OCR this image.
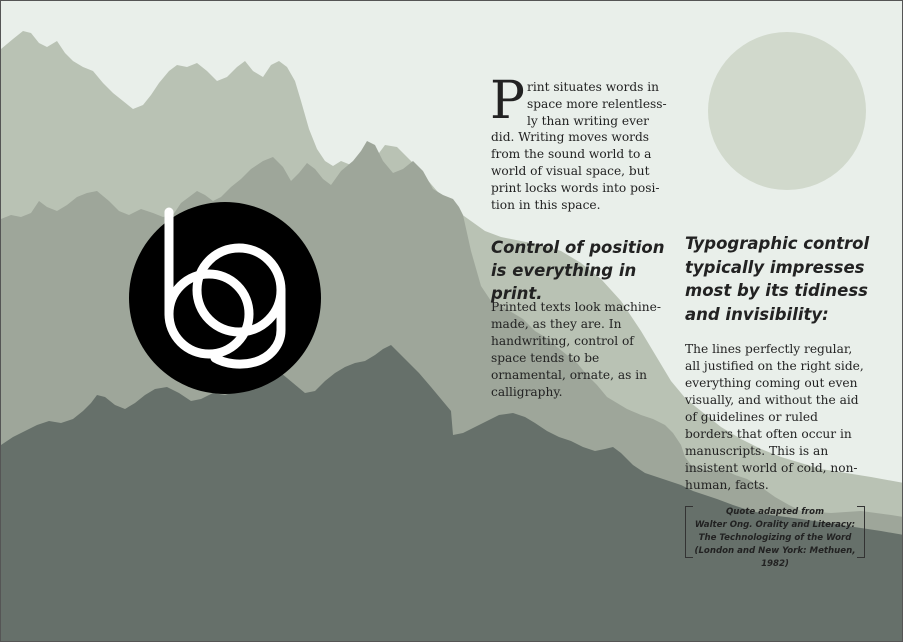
Print situates words in space more relentless-ly than writing ever did. Writing moves words from the sound world to a world of visual space, but print locks words into posi-tion in this space.

Control of position is everything in print.

Printed texts look machine-made, as they are. In handwriting, control of space tends to be ornamental, ornate, as in calligraphy.

Typographic control typically impresses most by its tidiness and invisibility:

The lines perfectly regular, all justified on the right side, everything coming out even visually, and without the aid of guidelines or ruled borders that often occur in manuscripts. This is an insistent world of cold, non-human, facts.

Quote adapted from
Walter Ong. Orality and Literacy: The Technologizing of the Word (London and New York: Methuen, 1982)
